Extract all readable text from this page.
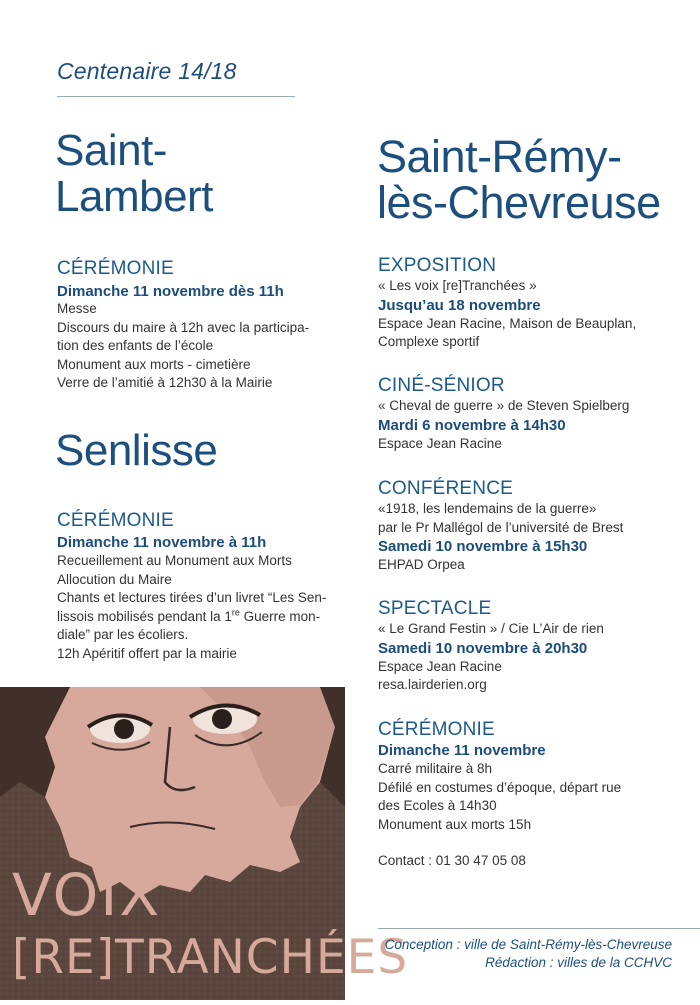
Centenaire 14/18
Saint-
Lambert
CÉRÉMONIE
Dimanche 11 novembre dès 11h
Messe
Discours du maire à 12h avec la participa-
tion des enfants de l’école
Monument aux morts - cimetière
Verre de l’amitié à 12h30 à la Mairie
Senlisse
CÉRÉMONIE
Dimanche 11 novembre à 11h
Recueillement au Monument aux Morts
Allocution du Maire
Chants et lectures tirées d’un livret “Les Sen-
lissois mobilisés pendant la 1re Guerre mon-
diale” par les écoliers.
12h Apéritif offert par la mairie
Saint-Rémy-
lès-Chevreuse
EXPOSITION
« Les voix [re]Tranchées »
Jusqu’au 18 novembre
Espace Jean Racine, Maison de Beauplan,
Complexe sportif
CINÉ-SÉNIOR
« Cheval de guerre » de Steven Spielberg
Mardi 6 novembre à 14h30
Espace Jean Racine
CONFÉRENCE
«1918, les lendemains de la guerre»
par le Pr Mallégol de l’université de Brest
Samedi 10 novembre à 15h30
EHPAD Orpea
SPECTACLE
« Le Grand Festin » / Cie L’Air de rien
Samedi 10 novembre à 20h30
Espace Jean Racine
resa.lairderien.org
CÉRÉMONIE
Dimanche 11 novembre
Carré militaire à 8h
Défilé en costumes d’époque, départ rue
des Ecoles à 14h30
Monument aux morts 15h
Contact : 01 30 47 05 08
VOIX
[RE]TRANCHÉES
Conception : ville de Saint-Rémy-lès-Chevreuse
Rédaction : villes de la CCHVC
